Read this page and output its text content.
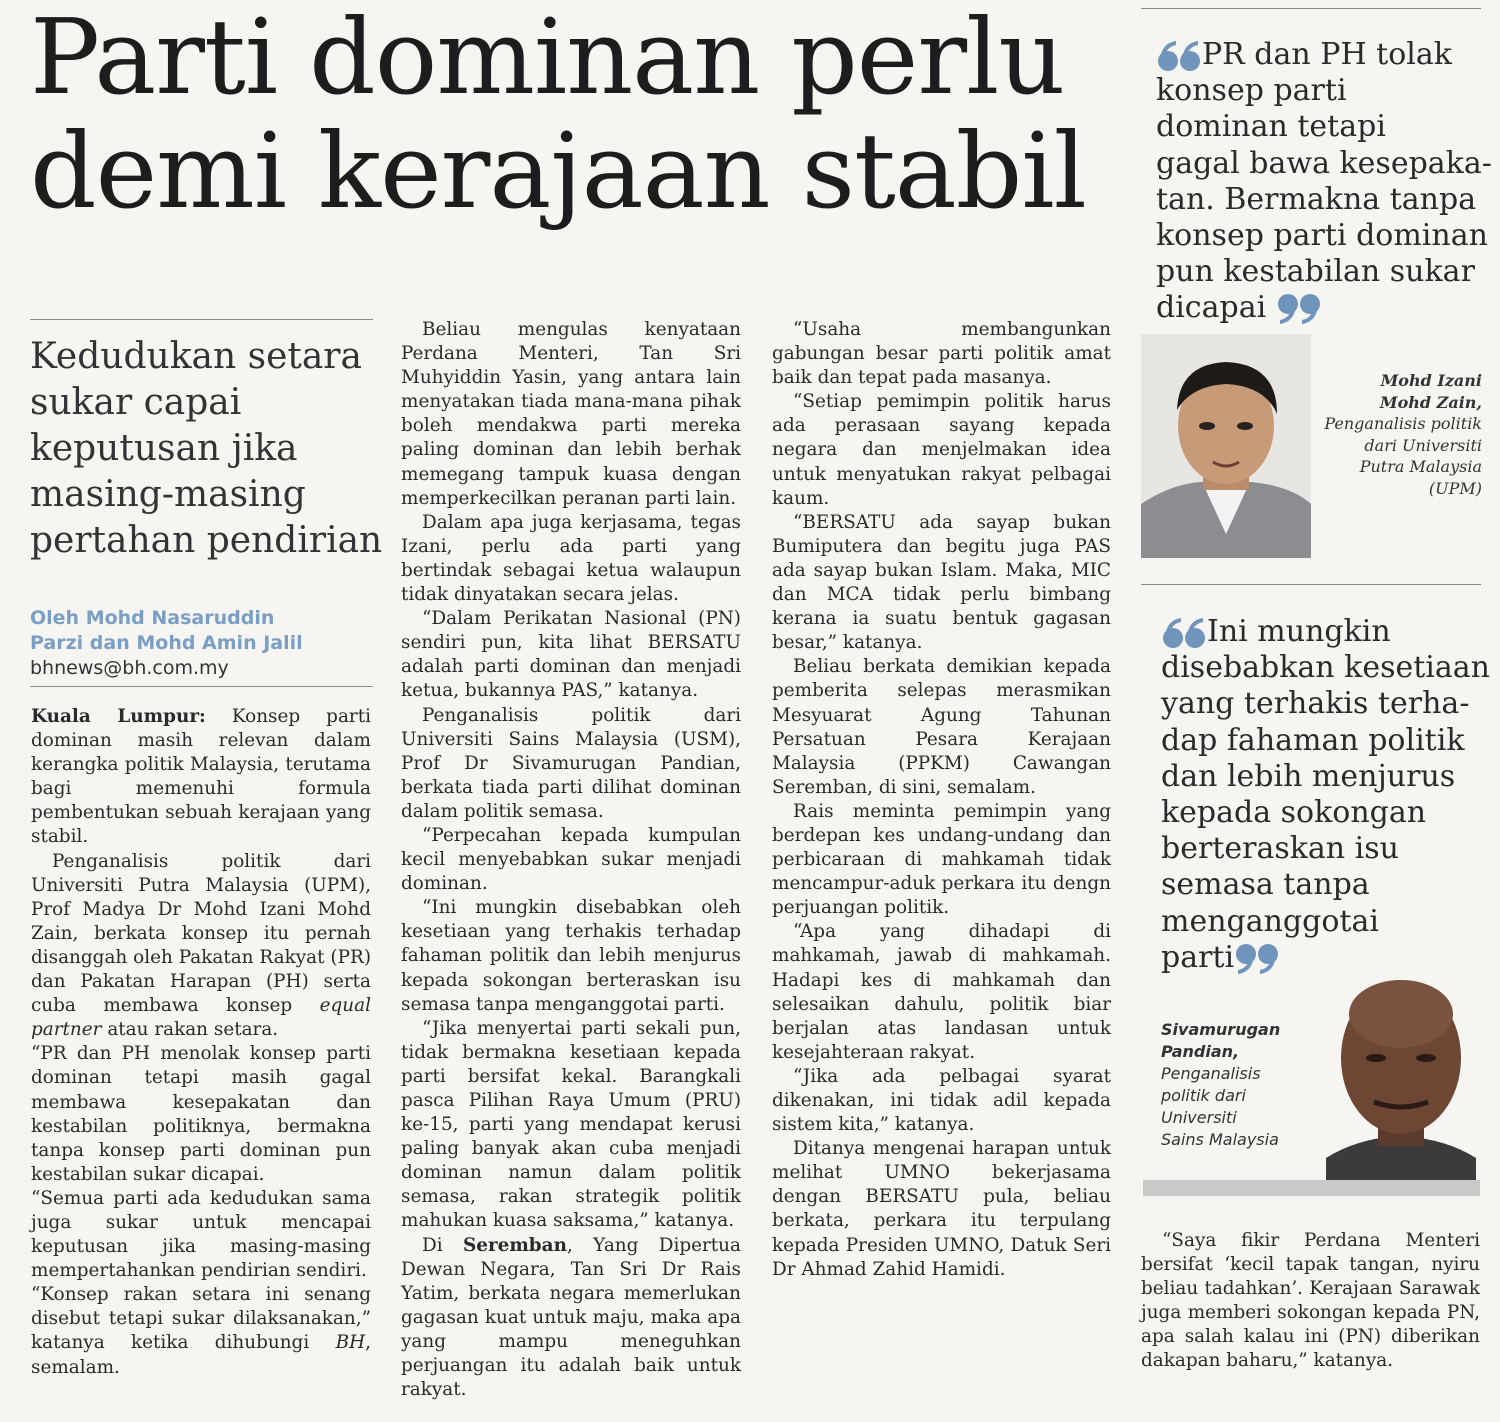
Parti dominan perlu
demi kerajaan stabil
Kedudukan setara
sukar capai
keputusan jika
masing-masing
pertahan pendirian
Oleh Mohd Nasaruddin
Parzi dan Mohd Amin Jalil
bhnews@bh.com.my

Kuala Lumpur: Konsep parti dominan masih relevan dalam kerangka politik Malaysia, terutama bagi memenuhi formula pembentukan sebuah kerajaan yang stabil.

Penganalisis politik dari Universiti Putra Malaysia (UPM), Prof Madya Dr Mohd Izani Mohd Zain, berkata konsep itu pernah disanggah oleh Pakatan Rakyat (PR) dan Pakatan Harapan (PH) serta cuba membawa konsep equal partner atau rakan setara.

“PR dan PH menolak konsep parti dominan tetapi masih gagal membawa kesepakatan dan kestabilan politiknya, bermakna tanpa konsep parti dominan pun kestabilan sukar dicapai.

“Semua parti ada kedudukan sama juga sukar untuk mencapai keputusan jika masing-masing mempertahankan pendirian sendiri.

“Konsep rakan setara ini senang disebut tetapi sukar dilaksanakan,” katanya ketika dihubungi BH, semalam.

Beliau mengulas kenyataan Perdana Menteri, Tan Sri Muhyiddin Yasin, yang antara lain menyatakan tiada mana-mana pihak boleh mendakwa parti mereka paling dominan dan lebih berhak memegang tampuk kuasa dengan memperkecilkan peranan parti lain.

Dalam apa juga kerjasama, tegas Izani, perlu ada parti yang bertindak sebagai ketua walaupun tidak dinyatakan secara jelas.

“Dalam Perikatan Nasional (PN) sendiri pun, kita lihat BERSATU adalah parti dominan dan menjadi ketua, bukannya PAS,” katanya.

Penganalisis politik dari Universiti Sains Malaysia (USM), Prof Dr Sivamurugan Pandian, berkata tiada parti dilihat dominan dalam politik semasa.

“Perpecahan kepada kumpulan kecil menyebabkan sukar menjadi dominan.

“Ini mungkin disebabkan oleh kesetiaan yang terhakis terhadap fahaman politik dan lebih menjurus kepada sokongan berteraskan isu semasa tanpa menganggotai parti.

“Jika menyertai parti sekali pun, tidak bermakna kesetiaan kepada parti bersifat kekal. Barangkali pasca Pilihan Raya Umum (PRU) ke-15, parti yang mendapat kerusi paling banyak akan cuba menjadi dominan namun dalam politik semasa, rakan strategik politik mahukan kuasa saksama,” katanya.

Di Seremban, Yang Dipertua Dewan Negara, Tan Sri Dr Rais Yatim, berkata negara memerlukan gagasan kuat untuk maju, maka apa yang mampu meneguhkan perjuangan itu adalah baik untuk rakyat.

“Usaha membangunkan gabungan besar parti politik amat baik dan tepat pada masanya.

“Setiap pemimpin politik harus ada perasaan sayang kepada negara dan menjelmakan idea untuk menyatukan rakyat pelbagai kaum.

“BERSATU ada sayap bukan Bumiputera dan begitu juga PAS ada sayap bukan Islam. Maka, MIC dan MCA tidak perlu bimbang kerana ia suatu bentuk gagasan besar,” katanya.

Beliau berkata demikian kepada pemberita selepas merasmikan Mesyuarat Agung Tahunan Persatuan Pesara Kerajaan Malaysia (PPKM) Cawangan Seremban, di sini, semalam.

Rais meminta pemimpin yang berdepan kes undang-undang dan perbicaraan di mahkamah tidak mencampur-aduk perkara itu dengn perjuangan politik.

“Apa yang dihadapi di mahkamah, jawab di mahkamah. Hadapi kes di mahkamah dan selesaikan dahulu, politik biar berjalan atas landasan untuk kesejahteraan rakyat.

“Jika ada pelbagai syarat dikenakan, ini tidak adil kepada sistem kita,” katanya.

Ditanya mengenai harapan untuk melihat UMNO bekerjasama dengan BERSATU pula, beliau berkata, perkara itu terpulang kepada Presiden UMNO, Datuk Seri Dr Ahmad Zahid Hamidi.

“Saya fikir Perdana Menteri bersifat ‘kecil tapak tangan, nyiru beliau tadahkan’. Kerajaan Sarawak juga memberi sokongan kepada PN, apa salah kalau ini (PN) diberikan dakapan baharu,” katanya.

PR dan PH tolak
konsep parti
dominan tetapi
gagal bawa kesepaka-
tan. Bermakna tanpa
konsep parti dominan
pun kestabilan sukar
dicapai
Mohd Izani
Mohd Zain,
Penganalisis politik
dari Universiti
Putra Malaysia
(UPM)
Ini mungkin
disebabkan kesetiaan
yang terhakis terha-
dap fahaman politik
dan lebih menjurus
kepada sokongan
berteraskan isu
semasa tanpa
menganggotai
parti
Sivamurugan
Pandian,
Penganalisis
politik dari
Universiti
Sains Malaysia
